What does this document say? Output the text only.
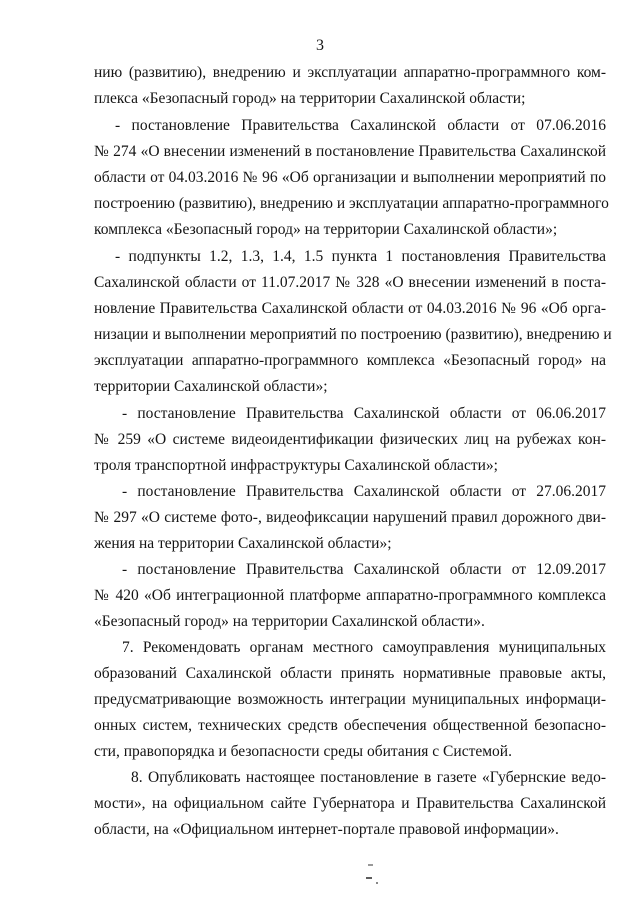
3
нию (развитию), внедрению и эксплуатации аппаратно-программного ком-
плекса «Безопасный город» на территории Сахалинской области;
- постановление Правительства Сахалинской области от 07.06.2016
№ 274 «О внесении изменений в постановление Правительства Сахалинской
области от 04.03.2016 № 96 «Об организации и выполнении мероприятий по
построению (развитию), внедрению и эксплуатации аппаратно-программного
комплекса «Безопасный город» на территории Сахалинской области»;
- подпункты 1.2, 1.3, 1.4, 1.5 пункта 1 постановления Правительства
Сахалинской области от 11.07.2017 № 328 «О внесении изменений в поста-
новление Правительства Сахалинской области от 04.03.2016 № 96 «Об орга-
низации и выполнении мероприятий по построению (развитию), внедрению и
эксплуатации аппаратно-программного комплекса «Безопасный город» на
территории Сахалинской области»;
- постановление Правительства Сахалинской области от 06.06.2017
№ 259 «О системе видеоидентификации физических лиц на рубежах кон-
троля транспортной инфраструктуры Сахалинской области»;
- постановление Правительства Сахалинской области от 27.06.2017
№ 297 «О системе фото-, видеофиксации нарушений правил дорожного дви-
жения на территории Сахалинской области»;
- постановление Правительства Сахалинской области от 12.09.2017
№ 420 «Об интеграционной платформе аппаратно-программного комплекса
«Безопасный город» на территории Сахалинской области».
7. Рекомендовать органам местного самоуправления муниципальных
образований Сахалинской области принять нормативные правовые акты,
предусматривающие возможность интеграции муниципальных информаци-
онных систем, технических средств обеспечения общественной безопасно-
сти, правопорядка и безопасности среды обитания с Системой.
8. Опубликовать настоящее постановление в газете «Губернские ведо-
мости», на официальном сайте Губернатора и Правительства Сахалинской
области, на «Официальном интернет-портале правовой информации».
